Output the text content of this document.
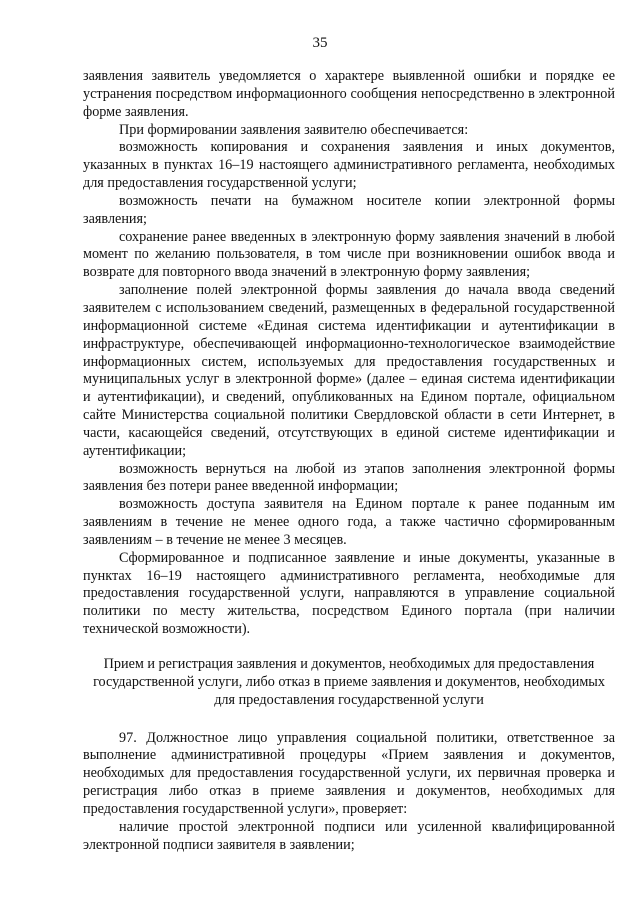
35

заявления заявитель уведомляется о характере выявленной ошибки и порядке ее устранения посредством информационного сообщения непосредственно в электронной форме заявления.

При формировании заявления заявителю обеспечивается:

возможность копирования и сохранения заявления и иных документов, указанных в пунктах 16–19 настоящего административного регламента, необходимых для предоставления государственной услуги;

возможность печати на бумажном носителе копии электронной формы заявления;

сохранение ранее введенных в электронную форму заявления значений в любой момент по желанию пользователя, в том числе при возникновении ошибок ввода и возврате для повторного ввода значений в электронную форму заявления;

заполнение полей электронной формы заявления до начала ввода сведений заявителем с использованием сведений, размещенных в федеральной государственной информационной системе «Единая система идентификации и аутентификации в инфраструктуре, обеспечивающей информационно-технологическое взаимодействие информационных систем, используемых для предоставления государственных и муниципальных услуг в электронной форме» (далее – единая система идентификации и аутентификации), и сведений, опубликованных на Едином портале, официальном сайте Министерства социальной политики Свердловской области в сети Интернет, в части, касающейся сведений, отсутствующих в единой системе идентификации и аутентификации;

возможность вернуться на любой из этапов заполнения электронной формы заявления без потери ранее введенной информации;

возможность доступа заявителя на Едином портале к ранее поданным им заявлениям в течение не менее одного года, а также частично сформированным заявлениям – в течение не менее 3 месяцев.

Сформированное и подписанное заявление и иные документы, указанные в пунктах 16–19 настоящего административного регламента, необходимые для предоставления государственной услуги, направляются в управление социальной политики по месту жительства, посредством Единого портала (при наличии технической возможности).

Прием и регистрация заявления и документов, необходимых для предоставления государственной услуги, либо отказ в приеме заявления и документов, необходимых для предоставления государственной услуги

97. Должностное лицо управления социальной политики, ответственное за выполнение административной процедуры «Прием заявления и документов, необходимых для предоставления государственной услуги, их первичная проверка и регистрация либо отказ в приеме заявления и документов, необходимых для предоставления государственной услуги», проверяет:

наличие простой электронной подписи или усиленной квалифицированной электронной подписи заявителя в заявлении;
